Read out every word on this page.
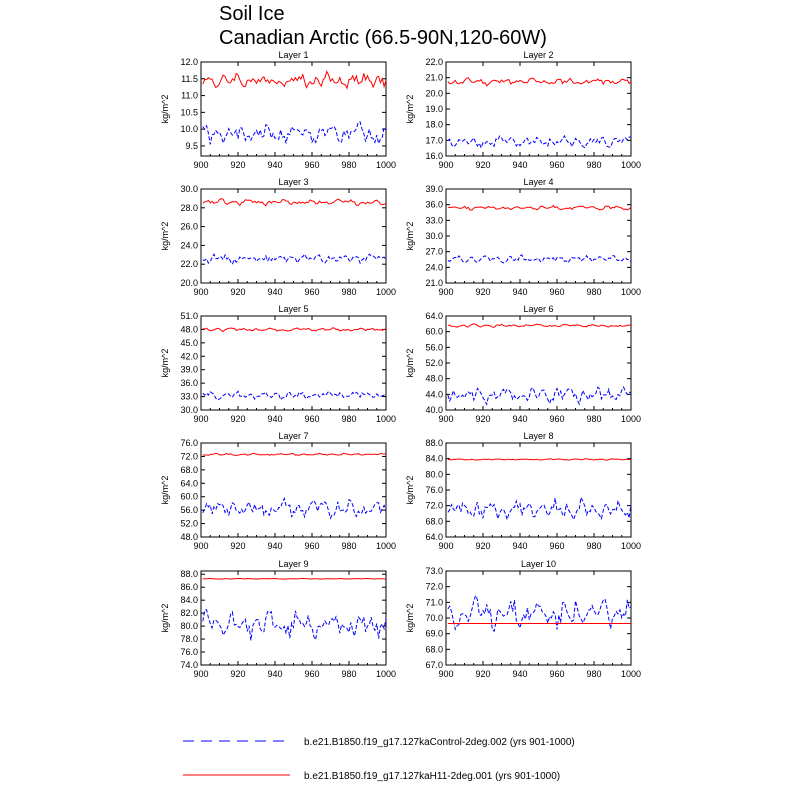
Soil Ice
Canadian Arctic (66.5-90N,120-60W)
Layer 1
900 920 940 960 980 1000
9.5
10.0
10.5
11.0
11.5
12.0
kg/m^2
Layer 2
900 920 940 960 980 1000
16.0
17.0
18.0
19.0
20.0
21.0
22.0
kg/m^2
Layer 3
900 920 940 960 980 1000
20.0
22.0
24.0
26.0
28.0
30.0
kg/m^2
Layer 4
900 920 940 960 980 1000
21.0
24.0
27.0
30.0
33.0
36.0
39.0
kg/m^2
Layer 5
900 920 940 960 980 1000
30.0
33.0
36.0
39.0
42.0
45.0
48.0
51.0
kg/m^2
Layer 6
900 920 940 960 980 1000
40.0
44.0
48.0
52.0
56.0
60.0
64.0
kg/m^2
Layer 7
900 920 940 960 980 1000
48.0
52.0
56.0
60.0
64.0
68.0
72.0
76.0
kg/m^2
Layer 8
900 920 940 960 980 1000
64.0
68.0
72.0
76.0
80.0
84.0
88.0
kg/m^2
Layer 9
900 920 940 960 980 1000
74.0
76.0
78.0
80.0
82.0
84.0
86.0
88.0
kg/m^2
Layer 10
900 920 940 960 980 1000
67.0
68.0
69.0
70.0
71.0
72.0
73.0
kg/m^2
b.e21.B1850.f19_g17.127kaControl-2deg.002 (yrs 901-1000)
b.e21.B1850.f19_g17.127kaH11-2deg.001 (yrs 901-1000)
